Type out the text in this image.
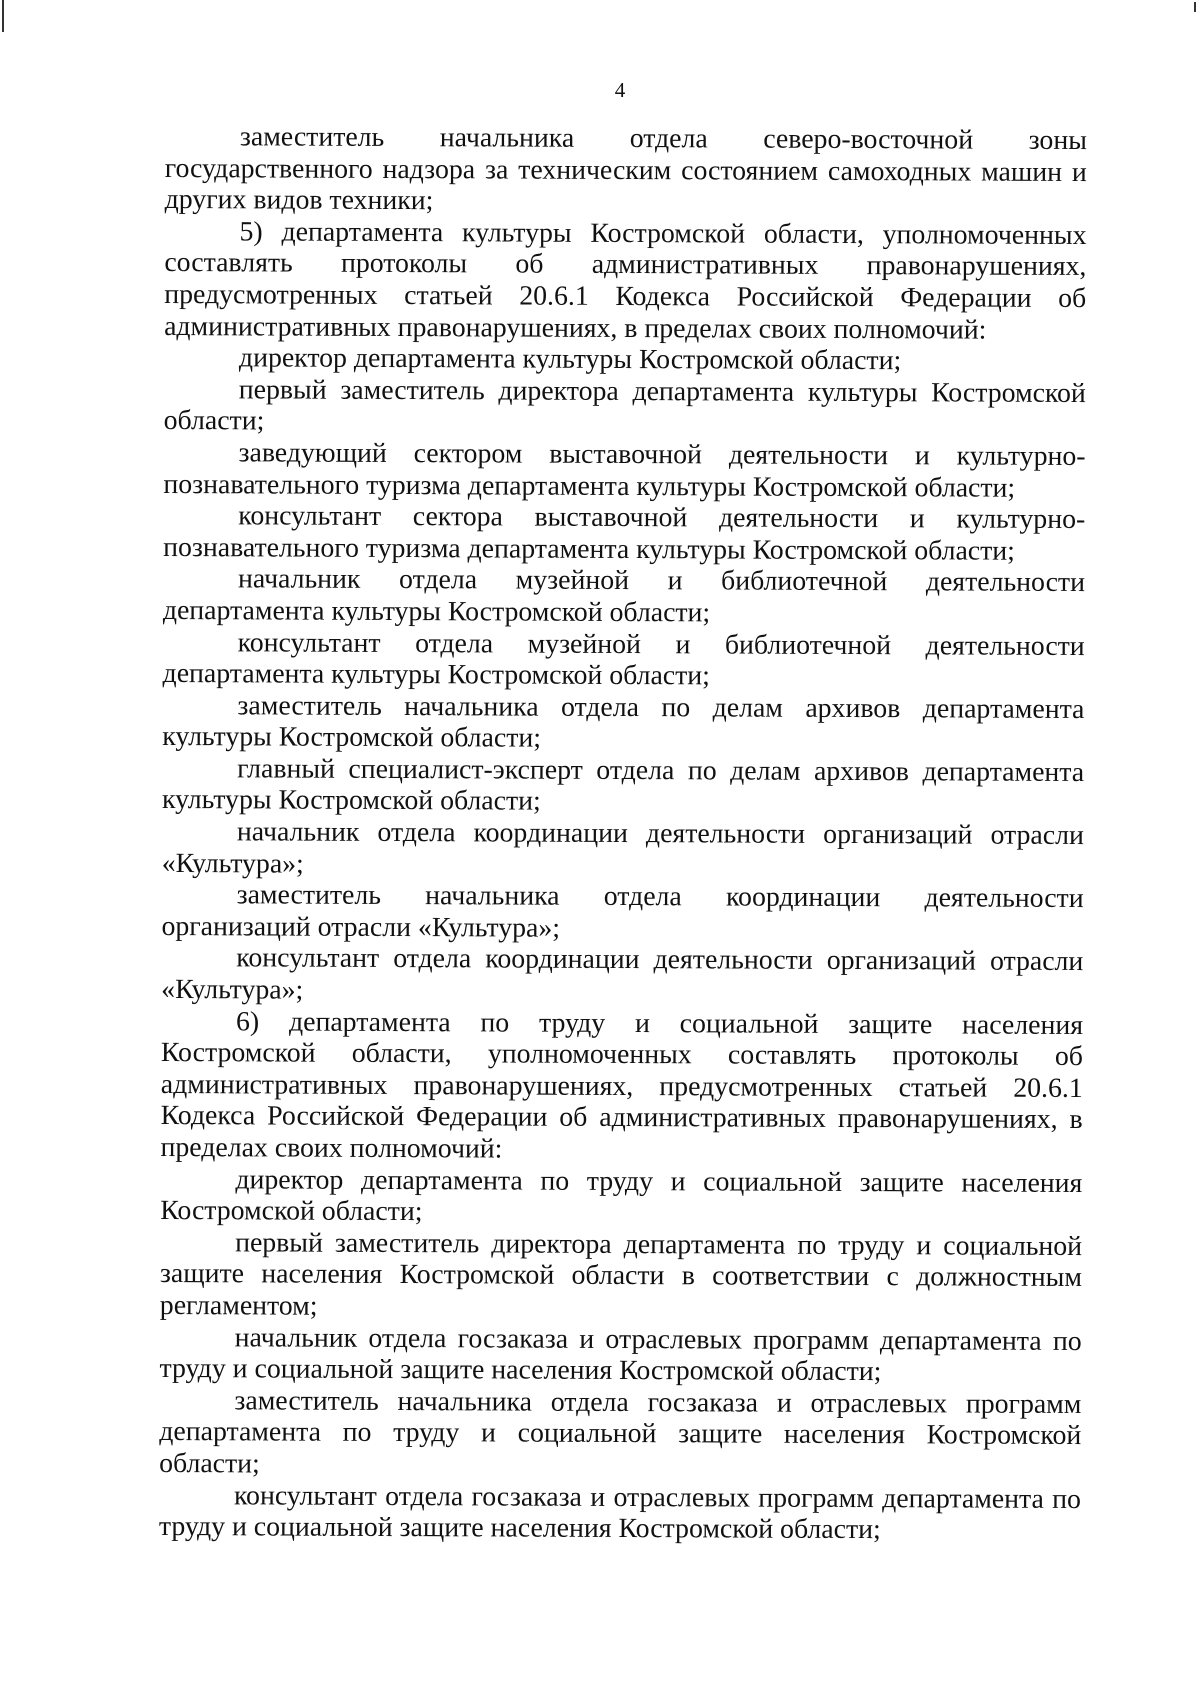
4

заместитель начальника отдела северо-восточной зоны государственного надзора за техническим состоянием самоходных машин и других видов техники;

5) департамента культуры Костромской области, уполномоченных составлять протоколы об административных правонарушениях, предусмотренных статьей 20.6.1 Кодекса Российской Федерации об административных правонарушениях, в пределах своих полномочий:

директор департамента культуры Костромской области;

первый заместитель директора департамента культуры Костромской области;

заведующий сектором выставочной деятельности и культурно-познавательного туризма департамента культуры Костромской области;

консультант сектора выставочной деятельности и культурно-познавательного туризма департамента культуры Костромской области;

начальник отдела музейной и библиотечной деятельности департамента культуры Костромской области;

консультант отдела музейной и библиотечной деятельности департамента культуры Костромской области;

заместитель начальника отдела по делам архивов департамента культуры Костромской области;

главный специалист-эксперт отдела по делам архивов департамента культуры Костромской области;

начальник отдела координации деятельности организаций отрасли «Культура»;

заместитель начальника отдела координации деятельности организаций отрасли «Культура»;

консультант отдела координации деятельности организаций отрасли «Культура»;

6) департамента по труду и социальной защите населения Костромской области, уполномоченных составлять протоколы об административных правонарушениях, предусмотренных статьей 20.6.1 Кодекса Российской Федерации об административных правонарушениях, в пределах своих полномочий:

директор департамента по труду и социальной защите населения Костромской области;

первый заместитель директора департамента по труду и социальной защите населения Костромской области в соответствии с должностным регламентом;

начальник отдела госзаказа и отраслевых программ департамента по труду и социальной защите населения Костромской области;

заместитель начальника отдела госзаказа и отраслевых программ департамента по труду и социальной защите населения Костромской области;

консультант отдела госзаказа и отраслевых программ департамента по труду и социальной защите населения Костромской области;
